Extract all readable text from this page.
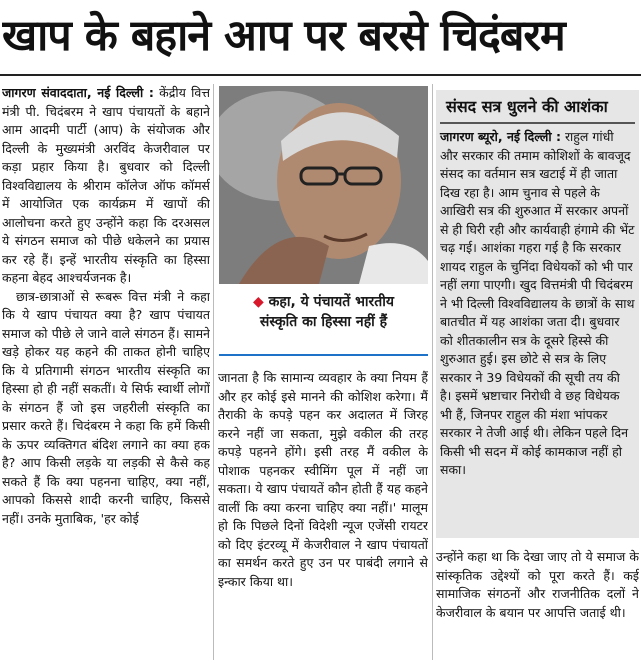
खाप के बहाने आप पर बरसे चिदंबरम

जागरण संवाददाता, नई दिल्ली : केंद्रीय वित्त मंत्री पी. चिदंबरम ने खाप पंचायतों के बहाने आम आदमी पार्टी (आप) के संयोजक और दिल्ली के मुख्यमंत्री अरविंद केजरीवाल पर कड़ा प्रहार किया है। बुधवार को दिल्ली विश्वविद्यालय के श्रीराम कॉलेज ऑफ कॉमर्स में आयोजित एक कार्यक्रम में खापों की आलोचना करते हुए उन्होंने कहा कि दरअसल ये संगठन समाज को पीछे धकेलने का प्रयास कर रहे हैं। इन्हें भारतीय संस्कृति का हिस्सा कहना बेहद आश्चर्यजनक है।

छात्र-छात्राओं से रूबरू वित्त मंत्री ने कहा कि ये खाप पंचायत क्या है? खाप पंचायत समाज को पीछे ले जाने वाले संगठन हैं। सामने खड़े होकर यह कहने की ताकत होनी चाहिए कि ये प्रतिगामी संगठन भारतीय संस्कृति का हिस्सा हो ही नहीं सकतीं। ये सिर्फ स्वार्थी लोगों के संगठन हैं जो इस जहरीली संस्कृति का प्रसार करते हैं। चिदंबरम ने कहा कि हमें किसी के ऊपर व्यक्तिगत बंदिश लगाने का क्या हक है? आप किसी लड़के या लड़की से कैसे कह सकते हैं कि क्या पहनना चाहिए, क्या नहीं, आपको किससे शादी करनी चाहिए, किससे नहीं। उनके मुताबिक, 'हर कोई

◆ कहा, ये पंचायतें भारतीय
संस्कृति का हिस्सा नहीं हैं

जानता है कि सामान्य व्यवहार के क्या नियम हैं और हर कोई इसे मानने की कोशिश करेगा। मैं तैराकी के कपड़े पहन कर अदालत में जिरह करने नहीं जा सकता, मुझे वकील की तरह कपड़े पहनने होंगे। इसी तरह मैं वकील के पोशाक पहनकर स्वीमिंग पूल में नहीं जा सकता। ये खाप पंचायतें कौन होती हैं यह कहने वालीं कि क्या करना चाहिए क्या नहीं।' मालूम हो कि पिछले दिनों विदेशी न्यूज एजेंसी रायटर को दिए इंटरव्यू में केजरीवाल ने खाप पंचायतों का समर्थन करते हुए उन पर पाबंदी लगाने से इन्कार किया था।

संसद सत्र धुलने की आशंका

जागरण ब्यूरो, नई दिल्ली : राहुल गांधी और सरकार की तमाम कोशिशों के बावजूद संसद का वर्तमान सत्र खटाई में ही जाता दिख रहा है। आम चुनाव से पहले के आखिरी सत्र की शुरुआत में सरकार अपनों से ही घिरी रही और कार्यवाही हंगामे की भेंट चढ़ गई। आशंका गहरा गई है कि सरकार शायद राहुल के चुनिंदा विधेयकों को भी पार नहीं लगा पाएगी। खुद वित्तमंत्री पी चिदंबरम ने भी दिल्ली विश्वविद्यालय के छात्रों के साथ बातचीत में यह आशंका जता दी। बुधवार को शीतकालीन सत्र के दूसरे हिस्से की शुरुआत हुई। इस छोटे से सत्र के लिए सरकार ने 39 विधेयकों की सूची तय की है। इसमें भ्रष्टाचार निरोधी वे छह विधेयक भी हैं, जिनपर राहुल की मंशा भांपकर सरकार ने तेजी आई थी। लेकिन पहले दिन किसी भी सदन में कोई कामकाज नहीं हो सका।

उन्होंने कहा था कि देखा जाए तो ये समाज के सांस्कृतिक उद्देश्यों को पूरा करते हैं। कई सामाजिक संगठनों और राजनीतिक दलों ने केजरीवाल के बयान पर आपत्ति जताई थी।
